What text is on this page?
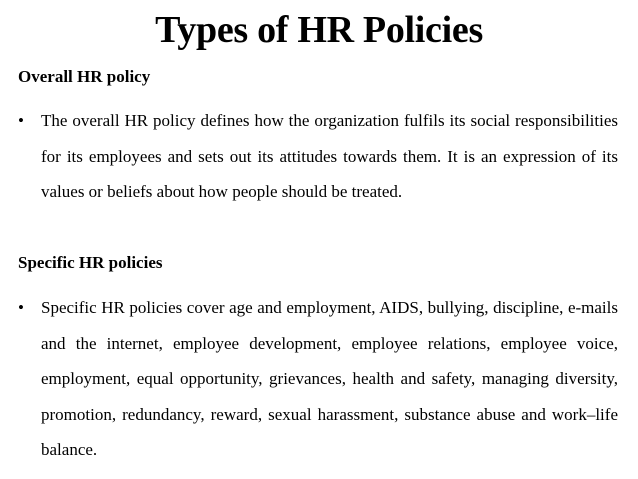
Types of HR Policies
Overall HR policy
• The overall HR policy defines how the organization fulfils its social responsibilities for its employees and sets out its attitudes towards them. It is an expression of its values or beliefs about how people should be treated.
Specific HR policies
• Specific HR policies cover age and employment, AIDS, bullying, discipline, e-mails and the internet, employee development, employee relations, employee voice, employment, equal opportunity, grievances, health and safety, managing diversity, promotion, redundancy, reward, sexual harassment, substance abuse and work–life balance.
